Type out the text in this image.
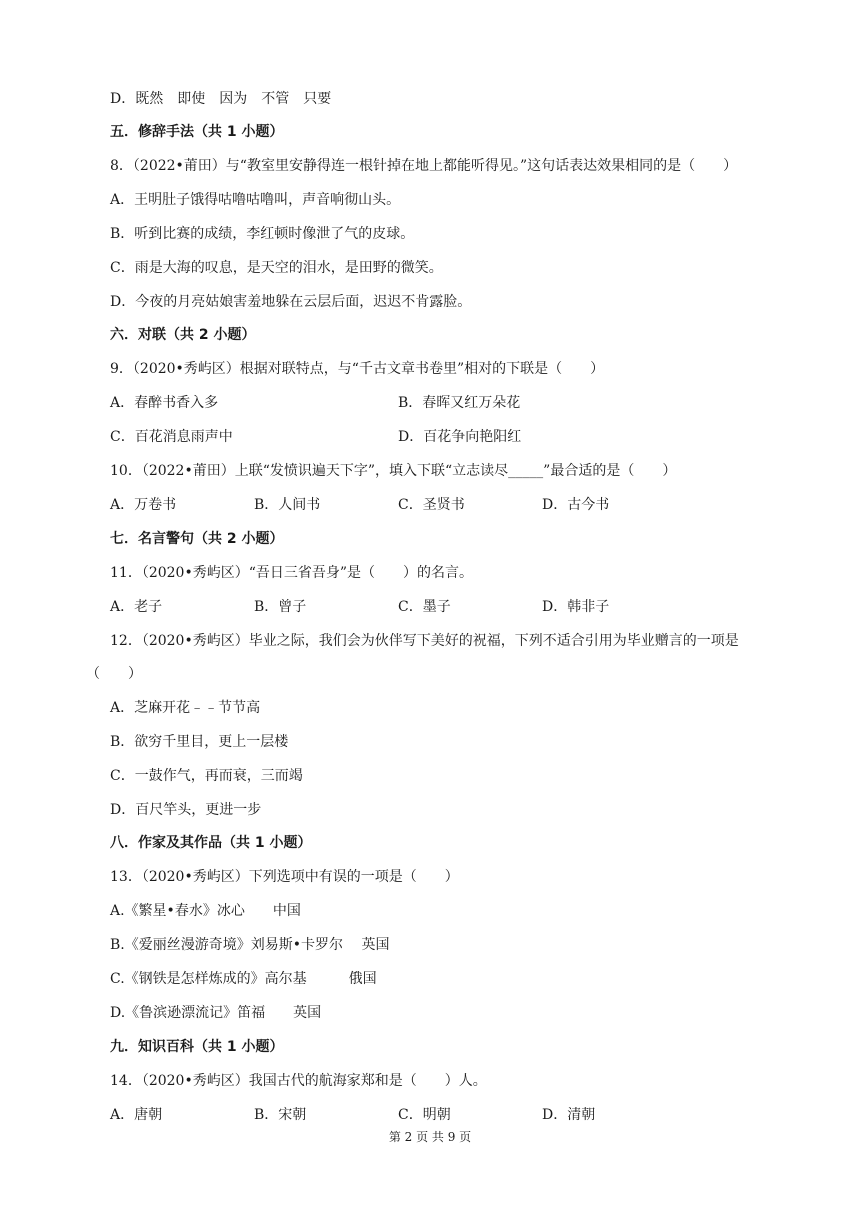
D．既然　即使　因为　不管　只要
五．修辞手法（共 1 小题）
8．（2022•莆田）与“教室里安静得连一根针掉在地上都能听得见。”这句话表达效果相同的是（　　）
A．王明肚子饿得咕噜咕噜叫，声音响彻山头。
B．听到比赛的成绩，李红顿时像泄了气的皮球。
C．雨是大海的叹息，是天空的泪水，是田野的微笑。
D．今夜的月亮姑娘害羞地躲在云层后面，迟迟不肯露脸。
六．对联（共 2 小题）
9．（2020•秀屿区）根据对联特点，与“千古文章书卷里”相对的下联是（　　）
A．春醉书香入多	B．春晖又红万朵花
C．百花消息雨声中	D．百花争向艳阳红
10．（2022•莆田）上联“发愤识遍天下字”，填入下联“立志读尽_____”最合适的是（　　）
A．万卷书	B．人间书	C．圣贤书	D．古今书
七．名言警句（共 2 小题）
11．（2020•秀屿区）“吾日三省吾身”是（　　）的名言。
A．老子	B．曾子	C．墨子	D．韩非子
12．（2020•秀屿区）毕业之际，我们会为伙伴写下美好的祝福，下列不适合引用为毕业赠言的一项是
（　　）
A．芝麻开花﹣﹣节节高
B．欲穷千里目，更上一层楼
C．一鼓作气，再而衰，三而竭
D．百尺竿头，更进一步
八．作家及其作品（共 1 小题）
13．（2020•秀屿区）下列选项中有误的一项是（　　）
A.《繁星•春水》冰心　　中国
B.《爱丽丝漫游奇境》刘易斯•卡罗尔　 英国
C.《钢铁是怎样炼成的》高尔基　　　俄国
D.《鲁滨逊漂流记》笛福　　英国
九．知识百科（共 1 小题）
14．（2020•秀屿区）我国古代的航海家郑和是（　　）人。
A．唐朝	B．宋朝	C．明朝	D．清朝
第 2 页 共 9 页
